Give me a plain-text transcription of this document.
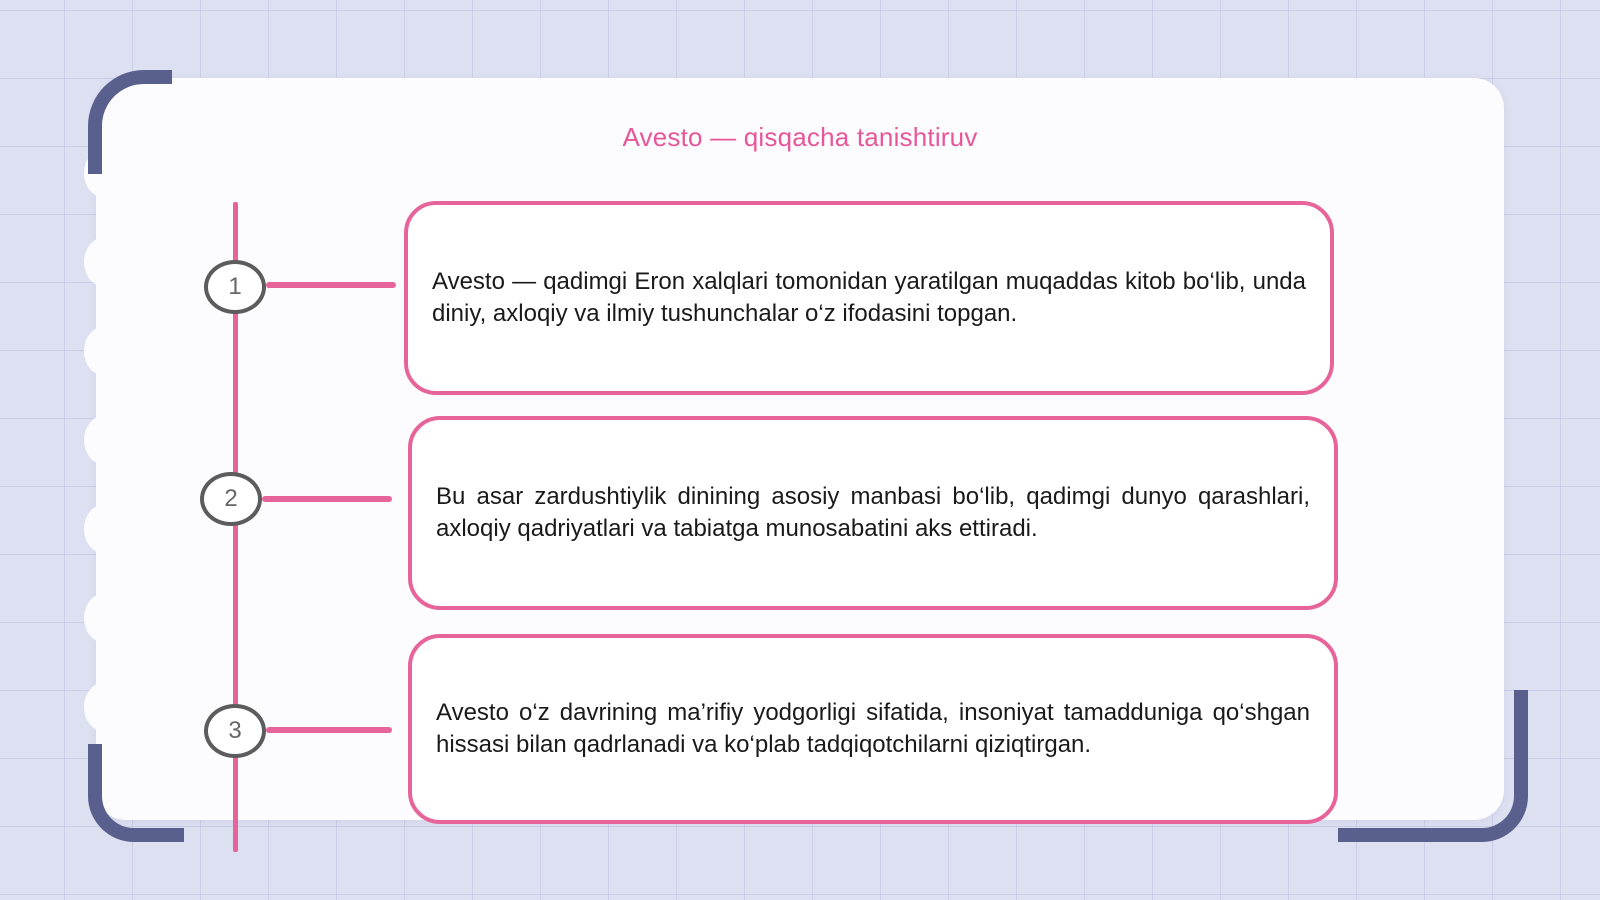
Avesto — qisqacha tanishtiruv
1
2
3
Avesto — qadimgi Eron xalqlari tomonidan yaratilgan muqaddas kitob bo‘lib, unda diniy, axloqiy va ilmiy tushunchalar o‘z ifodasini topgan.
Bu asar zardushtiylik dinining asosiy manbasi bo‘lib, qadimgi dunyo qarashlari, axloqiy qadriyatlari va tabiatga munosabatini aks ettiradi.
Avesto o‘z davrining ma’rifiy yodgorligi sifatida, insoniyat tamadduniga qo‘shgan hissasi bilan qadrlanadi va ko‘plab tadqiqotchilarni qiziqtirgan.
